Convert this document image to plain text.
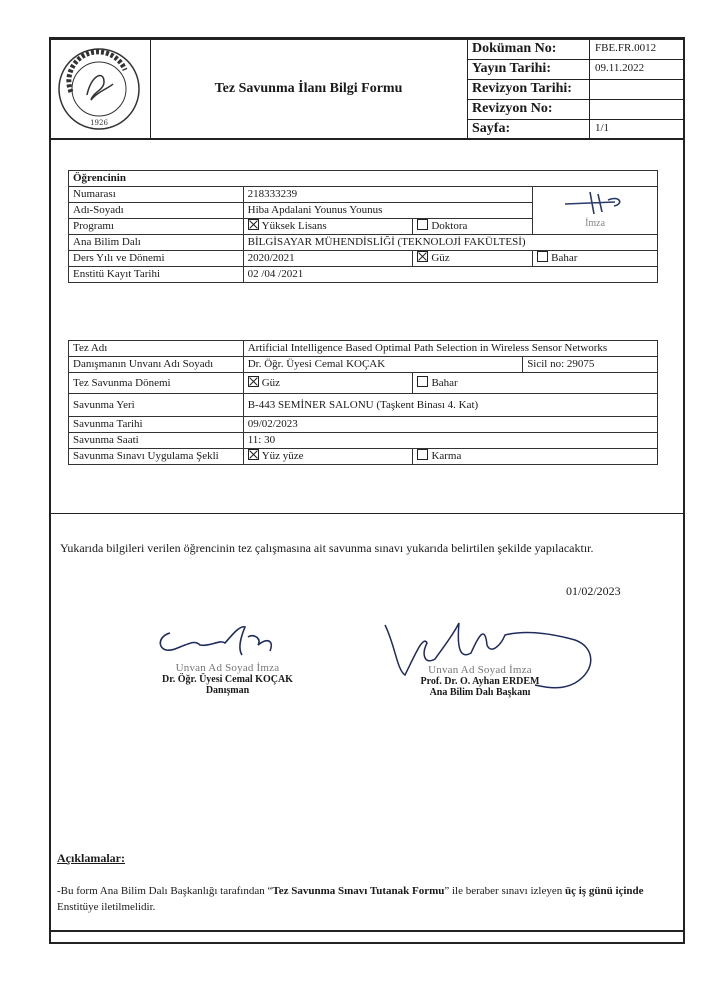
1926
Tez Savunma İlanı Bilgi Formu
Doküman No:	FBE.FR.0012
Yayın Tarihi:	09.11.2022
Revizyon Tarihi:
Revizyon No:
Sayfa:	1/1
Öğrencinin			
Numarası	218333239		İmza
Adı-Soyadı	Hiba Apdalani Younus Younus		
Programı	Yüksek Lisans	Doktora	
Ana Bilim Dalı	BİLGİSAYAR MÜHENDİSLİĞİ (TEKNOLOJİ FAKÜLTESİ)		
Ders Yılı ve Dönemi	2020/2021	Güz	Bahar
Enstitü Kayıt Tarihi	02 /04 /2021		
Tez Adı	Artificial Intelligence Based Optimal Path Selection in Wireless Sensor Networks		
Danışmanın Unvanı Adı Soyadı	Dr. Öğr. Üyesi Cemal KOÇAK		Sicil no: 29075
Tez Savunma Dönemi	Güz	Bahar	
Savunma Yeri	B-443 SEMİNER SALONU (Taşkent Binası 4. Kat)		
Savunma Tarihi	09/02/2023		
Savunma Saati	11: 30		
Savunma Sınavı Uygulama Şekli	Yüz yüze	Karma	
Yukarıda bilgileri verilen öğrencinin tez çalışmasına ait savunma sınavı yukarıda belirtilen şekilde yapılacaktır.
01/02/2023
Unvan Ad Soyad İmza
Dr. Öğr. Üyesi Cemal KOÇAK
Danışman
Unvan Ad Soyad İmza
Prof. Dr. O. Ayhan ERDEM
Ana Bilim Dalı Başkanı
Açıklamalar:
-Bu form Ana Bilim Dalı Başkanlığı tarafından “Tez Savunma Sınavı Tutanak Formu” ile beraber sınavı izleyen üç iş günü içinde Enstitüye iletilmelidir.
